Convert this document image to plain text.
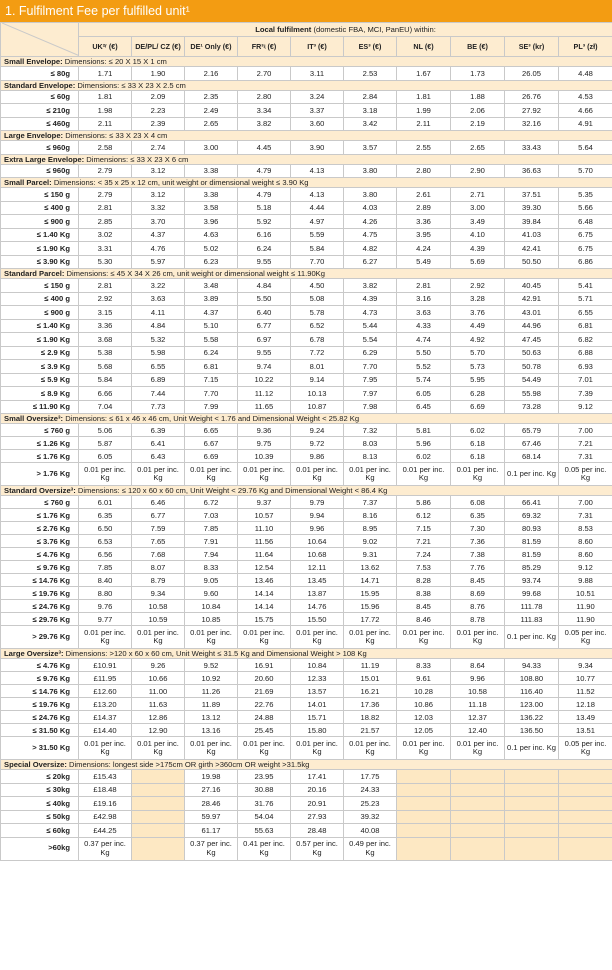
1. Fulfilment Fee per fulfilled unit¹
	Local fulfilment (domestic FBA, MCI, PanEU) within:									
	UK²ʳ (€)	DE/PL/ CZ (€)	DE¹ Only (€)	FR³ʵ (€)	IT³ (€)	ES³ (€)	NL (€)	BE (€)	SE³ (kr)	PL³ (zł)
Small Envelope: Dimensions: ≤ 20 X 15 X 1 cm										
≤ 80g	1.71	1.90	2.16	2.70	3.11	2.53	1.67	1.73	26.05	4.48
Standard Envelope: Dimensions: ≤ 33 X 23 X 2.5 cm										
≤ 60g	1.81	2.09	2.35	2.80	3.24	2.84	1.81	1.88	26.76	4.53
≤ 210g	1.98	2.23	2.49	3.34	3.37	3.18	1.99	2.06	27.92	4.66
≤ 460g	2.11	2.39	2.65	3.82	3.60	3.42	2.11	2.19	32.16	4.91
Large Envelope: Dimensions: ≤ 33 X 23 X 4 cm										
≤ 960g	2.58	2.74	3.00	4.45	3.90	3.57	2.55	2.65	33.43	5.64
Extra Large Envelope: Dimensions: ≤ 33 X 23 X 6 cm										
≤ 960g	2.79	3.12	3.38	4.79	4.13	3.80	2.80	2.90	36.63	5.70
Small Parcel: Dimensions: < 35 x 25 x 12 cm, unit weight or dimensional weight ≤ 3.90 Kg										
≤ 150 g	2.79	3.12	3.38	4.79	4.13	3.80	2.61	2.71	37.51	5.35
≤ 400 g	2.81	3.32	3.58	5.18	4.44	4.03	2.89	3.00	39.30	5.66
≤ 900 g	2.85	3.70	3.96	5.92	4.97	4.26	3.36	3.49	39.84	6.48
≤ 1.40 Kg	3.02	4.37	4.63	6.16	5.59	4.75	3.95	4.10	41.03	6.75
≤ 1.90 Kg	3.31	4.76	5.02	6.24	5.84	4.82	4.24	4.39	42.41	6.75
≤ 3.90 Kg	5.30	5.97	6.23	9.55	7.70	6.27	5.49	5.69	50.50	6.86
Standard Parcel: Dimensions: ≤ 45 X 34 X 26 cm, unit weight or dimensional weight ≤ 11.90Kg										
≤ 150 g	2.81	3.22	3.48	4.84	4.50	3.82	2.81	2.92	40.45	5.41
≤ 400 g	2.92	3.63	3.89	5.50	5.08	4.39	3.16	3.28	42.91	5.71
≤ 900 g	3.15	4.11	4.37	6.40	5.78	4.73	3.63	3.76	43.01	6.55
≤ 1.40 Kg	3.36	4.84	5.10	6.77	6.52	5.44	4.33	4.49	44.96	6.81
≤ 1.90 Kg	3.68	5.32	5.58	6.97	6.78	5.54	4.74	4.92	47.45	6.82
≤ 2.9 Kg	5.38	5.98	6.24	9.55	7.72	6.29	5.50	5.70	50.63	6.88
≤ 3.9 Kg	5.68	6.55	6.81	9.74	8.01	7.70	5.52	5.73	50.78	6.93
≤ 5.9 Kg	5.84	6.89	7.15	10.22	9.14	7.95	5.74	5.95	54.49	7.01
≤ 8.9 Kg	6.66	7.44	7.70	11.12	10.13	7.97	6.05	6.28	55.98	7.39
≤ 11.90 Kg	7.04	7.73	7.99	11.65	10.87	7.98	6.45	6.69	73.28	9.12
Small Oversize³: Dimensions: ≤ 61 x 46 x 46 cm, Unit Weight < 1.76 and Dimensional Weight < 25.82 Kg										
≤ 760 g	5.06	6.39	6.65	9.36	9.24	7.32	5.81	6.02	65.79	7.00
≤ 1.26 Kg	5.87	6.41	6.67	9.75	9.72	8.03	5.96	6.18	67.46	7.21
≤ 1.76 Kg	6.05	6.43	6.69	10.39	9.86	8.13	6.02	6.18	68.14	7.31
> 1.76 Kg	0.01 per inc. Kg	0.01 per inc. Kg	0.01 per inc. Kg	0.01 per inc. Kg	0.01 per inc. Kg	0.01 per inc. Kg	0.01 per inc. Kg	0.01 per inc. Kg	0.1 per inc. Kg	0.05 per inc. Kg
Standard Oversize³: Dimensions: ≤ 120 x 60 x 60 cm, Unit Weight < 29.76 Kg and Dimensional Weight < 86.4 Kg										
≤ 760 g	6.01	6.46	6.72	9.37	9.79	7.37	5.86	6.08	66.41	7.00
≤ 1.76 Kg	6.35	6.77	7.03	10.57	9.94	8.16	6.12	6.35	69.32	7.31
≤ 2.76 Kg	6.50	7.59	7.85	11.10	9.96	8.95	7.15	7.30	80.93	8.53
≤ 3.76 Kg	6.53	7.65	7.91	11.56	10.64	9.02	7.21	7.36	81.59	8.60
≤ 4.76 Kg	6.56	7.68	7.94	11.64	10.68	9.31	7.24	7.38	81.59	8.60
≤ 9.76 Kg	7.85	8.07	8.33	12.54	12.11	13.62	7.53	7.76	85.29	9.12
≤ 14.76 Kg	8.40	8.79	9.05	13.46	13.45	14.71	8.28	8.45	93.74	9.88
≤ 19.76 Kg	8.80	9.34	9.60	14.14	13.87	15.95	8.38	8.69	99.68	10.51
≤ 24.76 Kg	9.76	10.58	10.84	14.14	14.76	15.96	8.45	8.76	111.78	11.90
≤ 29.76 Kg	9.77	10.59	10.85	15.75	15.50	17.72	8.46	8.78	111.83	11.90
> 29.76 Kg	0.01 per inc. Kg	0.01 per inc. Kg	0.01 per inc. Kg	0.01 per inc. Kg	0.01 per inc. Kg	0.01 per inc. Kg	0.01 per inc. Kg	0.01 per inc. Kg	0.1 per inc. Kg	0.05 per inc. Kg
Large Oversize³: Dimensions: >120 x 60 x 60 cm, Unit Weight ≤ 31.5 Kg and Dimensional Weight > 108 Kg										
≤ 4.76 Kg	£10.91	9.26	9.52	16.91	10.84	11.19	8.33	8.64	94.33	9.34
≤ 9.76 Kg	£11.95	10.66	10.92	20.60	12.33	15.01	9.61	9.96	108.80	10.77
≤ 14.76 Kg	£12.60	11.00	11.26	21.69	13.57	16.21	10.28	10.58	116.40	11.52
≤ 19.76 Kg	£13.20	11.63	11.89	22.76	14.01	17.36	10.86	11.18	123.00	12.18
≤ 24.76 Kg	£14.37	12.86	13.12	24.88	15.71	18.82	12.03	12.37	136.22	13.49
≤ 31.50 Kg	£14.40	12.90	13.16	25.45	15.80	21.57	12.05	12.40	136.50	13.51
> 31.50 Kg	0.01 per inc. Kg	0.01 per inc. Kg	0.01 per inc. Kg	0.01 per inc. Kg	0.01 per inc. Kg	0.01 per inc. Kg	0.01 per inc. Kg	0.01 per inc. Kg	0.1 per inc. Kg	0.05 per inc. Kg
Special Oversize: Dimensions: longest side >175cm OR girth >360cm OR weight >31.5kg										
≤ 20kg	£15.43		19.98	23.95	17.41	17.75				
≤ 30kg	£18.48		27.16	30.88	20.16	24.33				
≤ 40kg	£19.16		28.46	31.76	20.91	25.23				
≤ 50kg	£42.98		59.97	54.04	27.93	39.32				
≤ 60kg	£44.25		61.17	55.63	28.48	40.08				
>60kg	0.37 per inc. Kg		0.37 per inc. Kg	0.41 per inc. Kg	0.57 per inc. Kg	0.49 per inc. Kg				
